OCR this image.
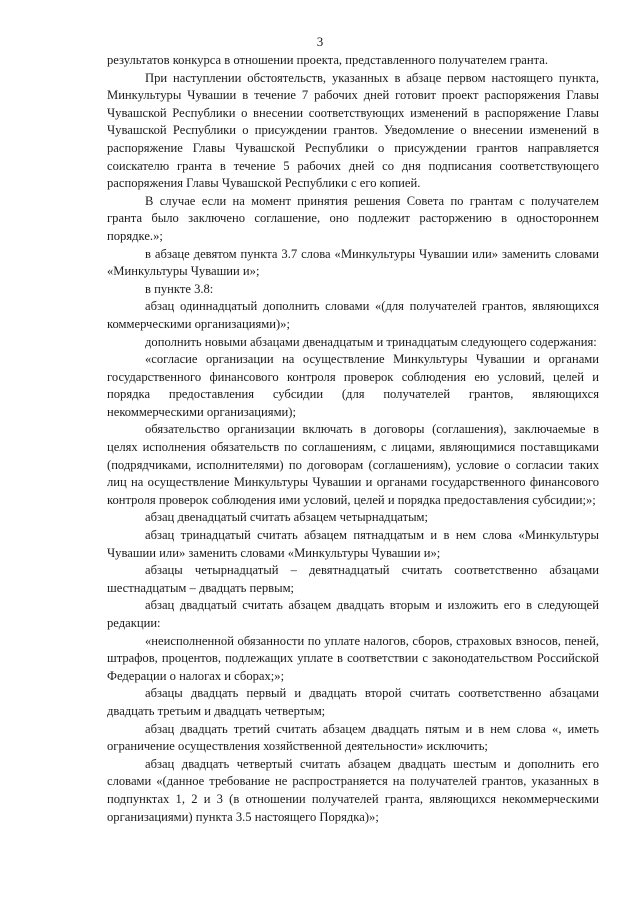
3

результатов конкурса в отношении проекта, представленного получателем гранта.

При наступлении обстоятельств, указанных в абзаце первом настоящего пункта, Минкультуры Чувашии в течение 7 рабочих дней готовит проект распоряжения Главы Чувашской Республики о внесении соответствующих изменений в распоряжение Главы Чувашской Республики о присуждении грантов. Уведомление о внесении изменений в распоряжение Главы Чувашской Республики о присуждении грантов направляется соискателю гранта в течение 5 рабочих дней со дня подписания соответствующего распоряжения Главы Чувашской Республики с его копией.

В случае если на момент принятия решения Совета по грантам с получателем гранта было заключено соглашение, оно подлежит расторжению в одностороннем порядке.»;

в абзаце девятом пункта 3.7 слова «Минкультуры Чувашии или» заменить словами «Минкультуры Чувашии и»;

в пункте 3.8:

абзац одиннадцатый дополнить словами «(для получателей грантов, являющихся коммерческими организациями)»;

дополнить новыми абзацами двенадцатым и тринадцатым следующего содержания:

«согласие организации на осуществление Минкультуры Чувашии и органами государственного финансового контроля проверок соблюдения ею условий, целей и порядка предоставления субсидии (для получателей грантов, являющихся некоммерческими организациями);

обязательство организации включать в договоры (соглашения), заключаемые в целях исполнения обязательств по соглашениям, с лицами, являющимися поставщиками (подрядчиками, исполнителями) по договорам (соглашениям), условие о согласии таких лиц на осуществление Минкультуры Чувашии и органами государственного финансового контроля проверок соблюдения ими условий, целей и порядка предоставления субсидии;»;

абзац двенадцатый считать абзацем четырнадцатым;

абзац тринадцатый считать абзацем пятнадцатым и в нем слова «Минкультуры Чувашии или» заменить словами «Минкультуры Чувашии и»;

абзацы четырнадцатый – девятнадцатый считать соответственно абзацами шестнадцатым – двадцать первым;

абзац двадцатый считать абзацем двадцать вторым и изложить его в следующей редакции:

«неисполненной обязанности по уплате налогов, сборов, страховых взносов, пеней, штрафов, процентов, подлежащих уплате в соответствии с законодательством Российской Федерации о налогах и сборах;»;

абзацы двадцать первый и двадцать второй считать соответственно абзацами двадцать третьим и двадцать четвертым;

абзац двадцать третий считать абзацем двадцать пятым и в нем слова «, иметь ограничение осуществления хозяйственной деятельности» исключить;

абзац двадцать четвертый считать абзацем двадцать шестым и дополнить его словами «(данное требование не распространяется на получателей грантов, указанных в подпунктах 1, 2 и 3 (в отношении получателей гранта, являющихся некоммерческими организациями) пункта 3.5 настоящего Порядка)»;
